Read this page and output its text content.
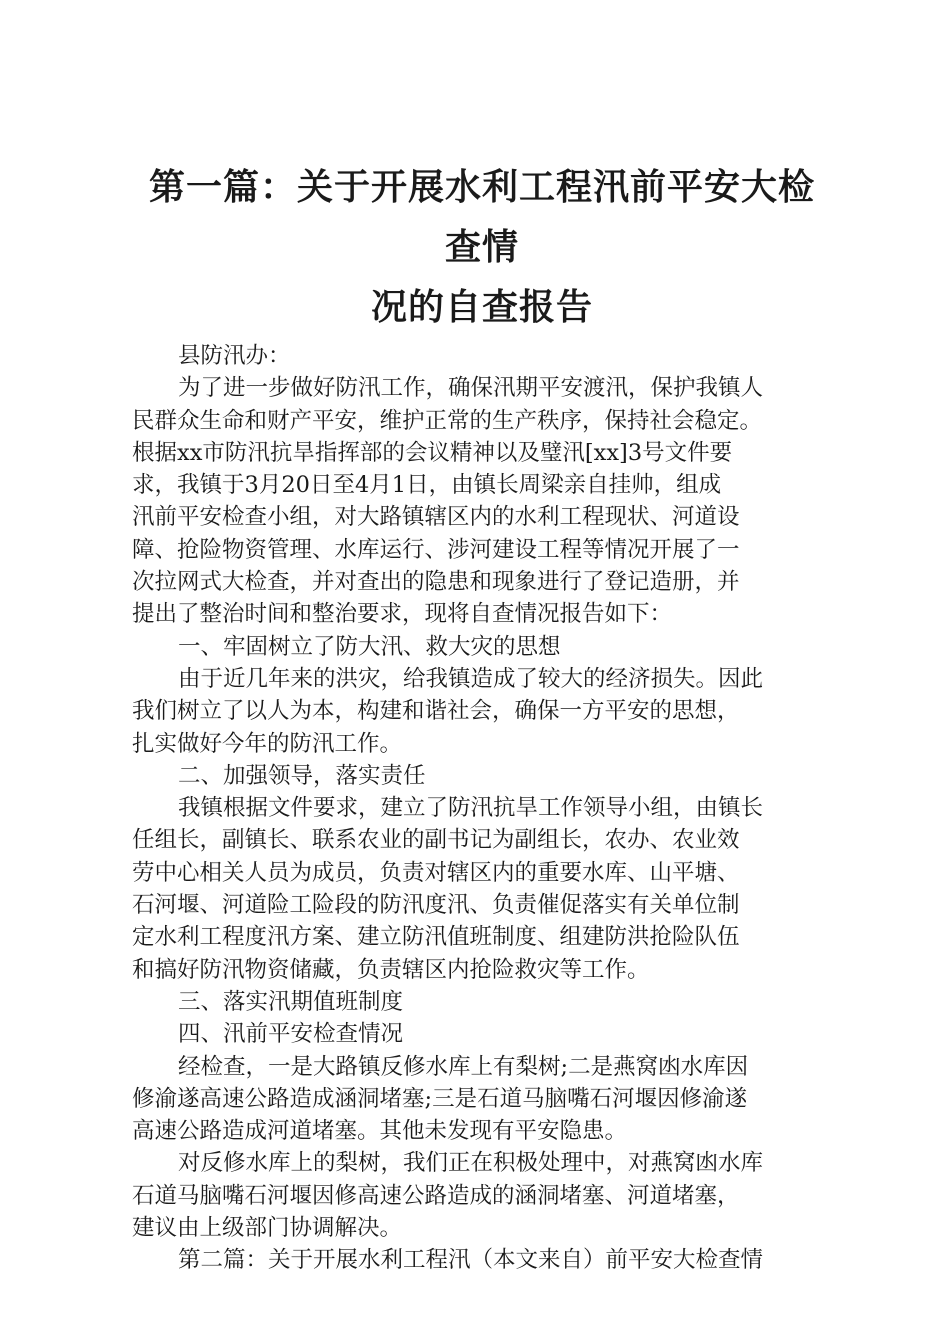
第一篇：关于开展水利工程汛前平安大检查情
况的自查报告

县防汛办：

为了进一步做好防汛工作，确保汛期平安渡汛，保护我镇人

民群众生命和财产平安，维护正常的生产秩序，保持社会稳定。

根据xx市防汛抗旱指挥部的会议精神以及璧汛[xx]3号文件要

求，我镇于3月20日至4月1日，由镇长周梁亲自挂帅，组成

汛前平安检查小组，对大路镇辖区内的水利工程现状、河道设

障、抢险物资管理、水库运行、涉河建设工程等情况开展了一

次拉网式大检查，并对查出的隐患和现象进行了登记造册，并

提出了整治时间和整治要求，现将自查情况报告如下：

一、牢固树立了防大汛、救大灾的思想

由于近几年来的洪灾，给我镇造成了较大的经济损失。因此

我们树立了以人为本，构建和谐社会，确保一方平安的思想，

扎实做好今年的防汛工作。

二、加强领导，落实责任

我镇根据文件要求，建立了防汛抗旱工作领导小组，由镇长

任组长，副镇长、联系农业的副书记为副组长，农办、农业效

劳中心相关人员为成员，负责对辖区内的重要水库、山平塘、

石河堰、河道险工险段的防汛度汛、负责催促落实有关单位制

定水利工程度汛方案、建立防汛值班制度、组建防洪抢险队伍

和搞好防汛物资储藏，负责辖区内抢险救灾等工作。

三、落实汛期值班制度

四、汛前平安检查情况

经检查，一是大路镇反修水库上有梨树;二是燕窝凼水库因

修渝遂高速公路造成涵洞堵塞;三是石道马脑嘴石河堰因修渝遂

高速公路造成河道堵塞。其他未发现有平安隐患。

对反修水库上的梨树，我们正在积极处理中，对燕窝凼水库

石道马脑嘴石河堰因修高速公路造成的涵洞堵塞、河道堵塞，

建议由上级部门协调解决。

第二篇：关于开展水利工程汛（本文来自）前平安大检查情
